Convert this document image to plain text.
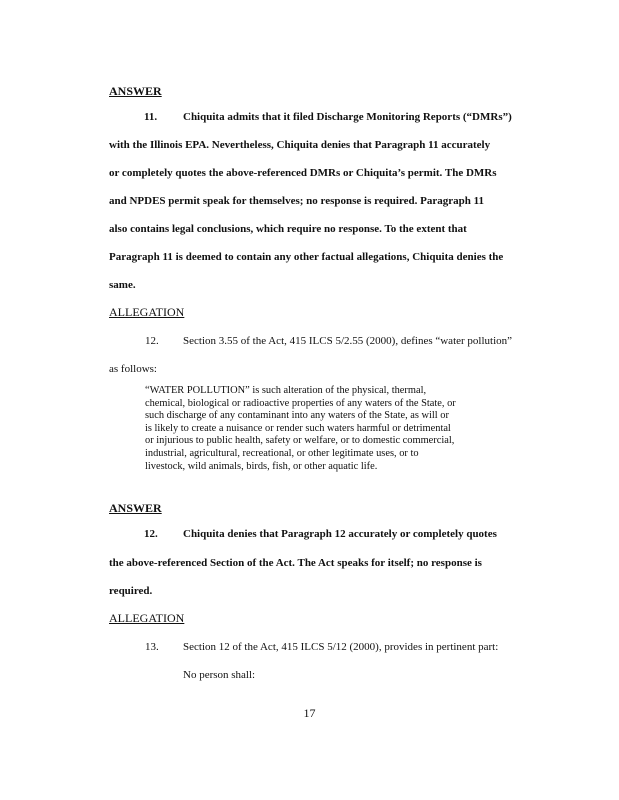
ANSWER
11. Chiquita admits that it filed Discharge Monitoring Reports (“DMRs”)
with the Illinois EPA. Nevertheless, Chiquita denies that Paragraph 11 accurately
or completely quotes the above-referenced DMRs or Chiquita’s permit. The DMRs
and NPDES permit speak for themselves; no response is required. Paragraph 11
also contains legal conclusions, which require no response. To the extent that
Paragraph 11 is deemed to contain any other factual allegations, Chiquita denies the
same.
ALLEGATION
12. Section 3.55 of the Act, 415 ILCS 5/2.55 (2000), defines “water pollution”
as follows:
“WATER POLLUTION” is such alteration of the physical, thermal,
chemical, biological or radioactive properties of any waters of the State, or
such discharge of any contaminant into any waters of the State, as will or
is likely to create a nuisance or render such waters harmful or detrimental
or injurious to public health, safety or welfare, or to domestic commercial,
industrial, agricultural, recreational, or other legitimate uses, or to
livestock, wild animals, birds, fish, or other aquatic life.
ANSWER
12. Chiquita denies that Paragraph 12 accurately or completely quotes
the above-referenced Section of the Act. The Act speaks for itself; no response is
required.
ALLEGATION
13. Section 12 of the Act, 415 ILCS 5/12 (2000), provides in pertinent part:
No person shall:
17
